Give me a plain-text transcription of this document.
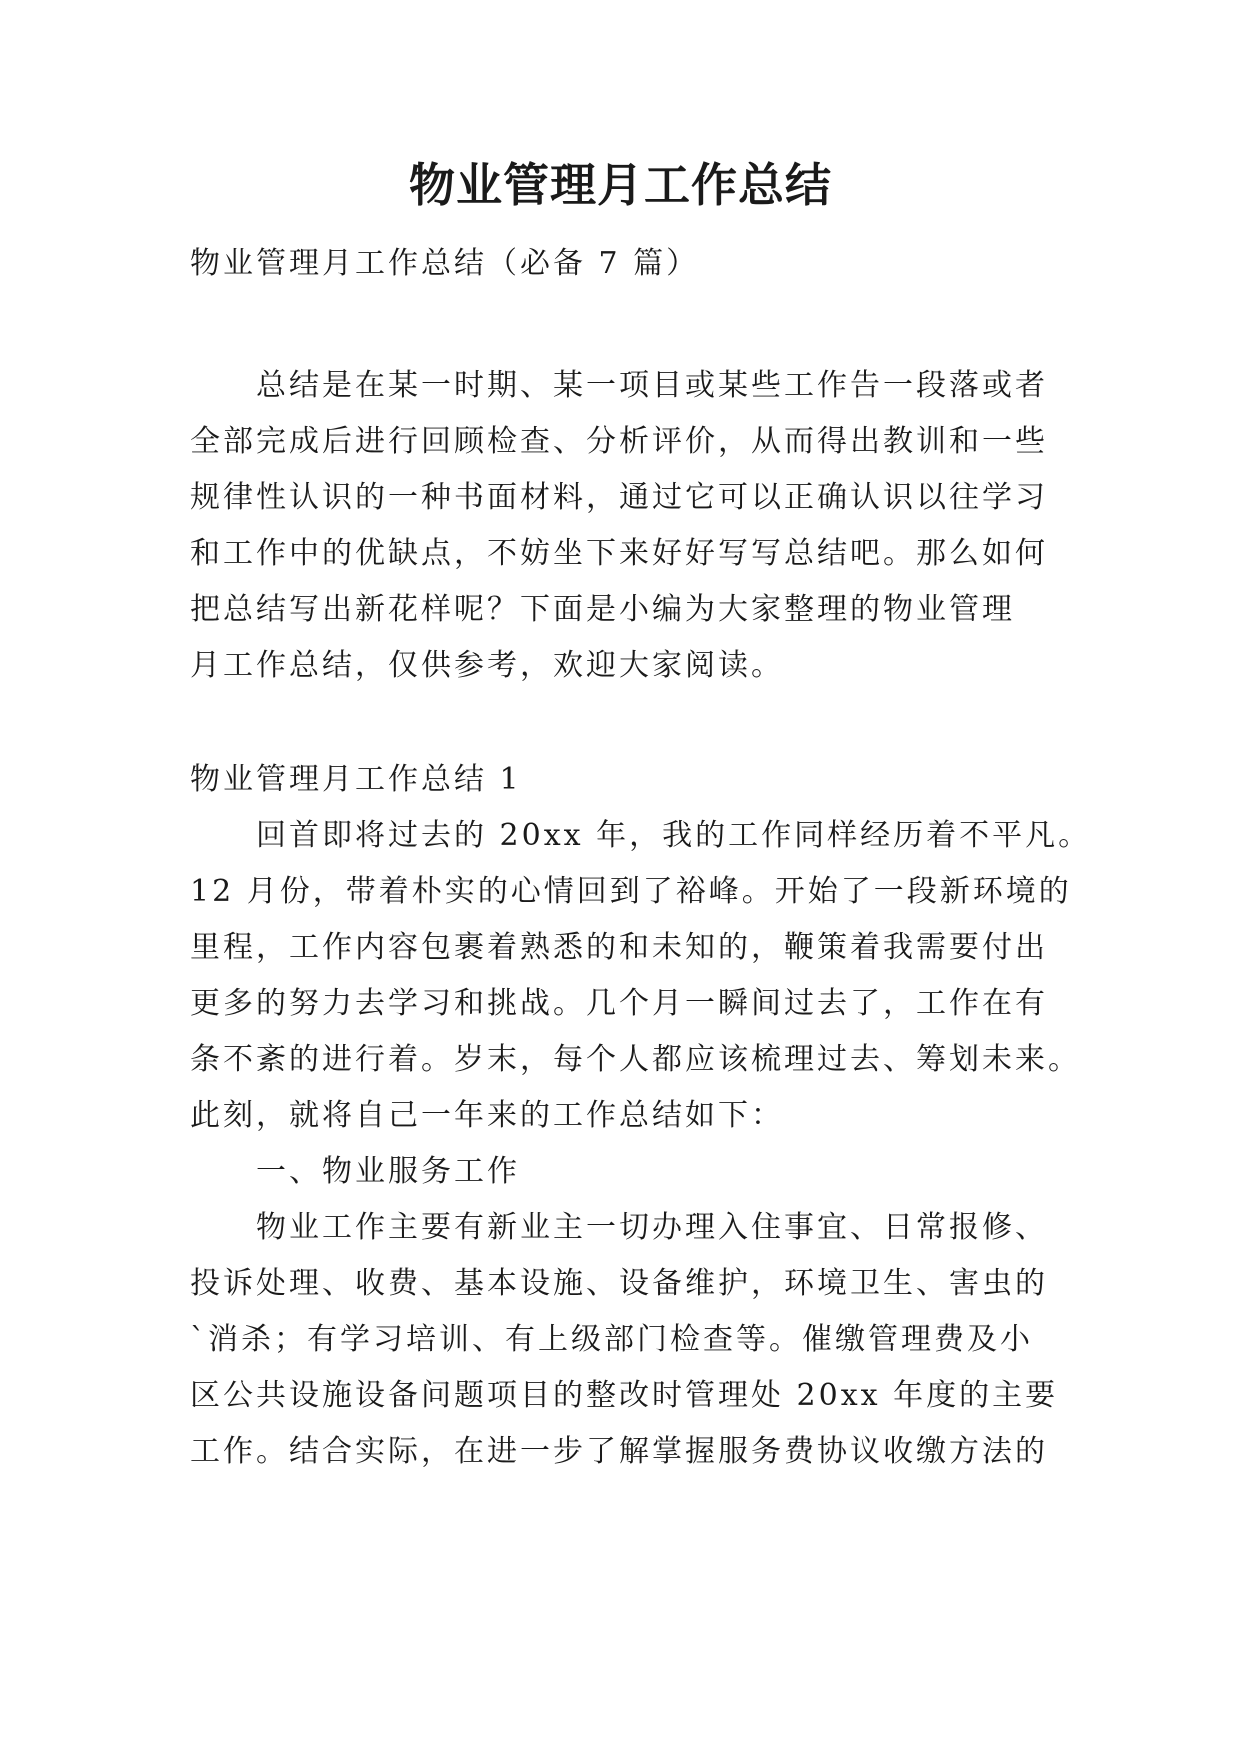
物业管理月工作总结
物业管理月工作总结（必备 7 篇）
总结是在某一时期、某一项目或某些工作告一段落或者
全部完成后进行回顾检查、分析评价，从而得出教训和一些
规律性认识的一种书面材料，通过它可以正确认识以往学习
和工作中的优缺点，不妨坐下来好好写写总结吧。那么如何
把总结写出新花样呢？下面是小编为大家整理的物业管理
月工作总结，仅供参考，欢迎大家阅读。
物业管理月工作总结 1
回首即将过去的 20xx 年，我的工作同样经历着不平凡。
12 月份，带着朴实的心情回到了裕峰。开始了一段新环境的
里程，工作内容包裹着熟悉的和未知的，鞭策着我需要付出
更多的努力去学习和挑战。几个月一瞬间过去了，工作在有
条不紊的进行着。岁末，每个人都应该梳理过去、筹划未来。
此刻，就将自己一年来的工作总结如下：
一、物业服务工作
物业工作主要有新业主一切办理入住事宜、日常报修、
投诉处理、收费、基本设施、设备维护，环境卫生、害虫的
`消杀；有学习培训、有上级部门检查等。催缴管理费及小
区公共设施设备问题项目的整改时管理处 20xx 年度的主要
工作。结合实际，在进一步了解掌握服务费协议收缴方法的
